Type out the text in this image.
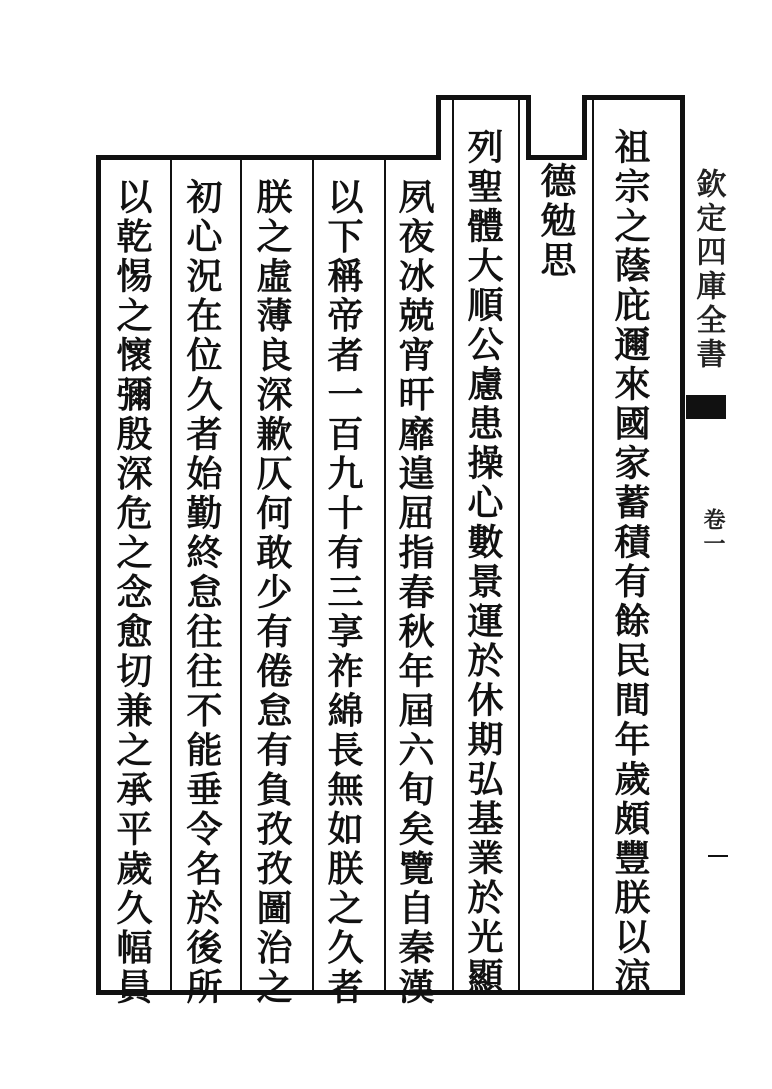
祖宗之蔭庇邇來國家蓄積有餘民間年歲頗豐朕以涼
德勉思
列聖體大順公慮患操心數景運於休期弘基業於光顯
夙夜冰兢宵旰靡遑屈指春秋年屆六旬矣覽自秦漢
以下稱帝者一百九十有三享祚綿長無如朕之久者
朕之虛薄良深歉仄何敢少有倦怠有負孜孜圖治之
初心況在位久者始勤終怠往往不能垂令名於後所
以乾惕之懷彌殷深危之念愈切兼之承平歲久幅員	欽定四庫全書
卷一
